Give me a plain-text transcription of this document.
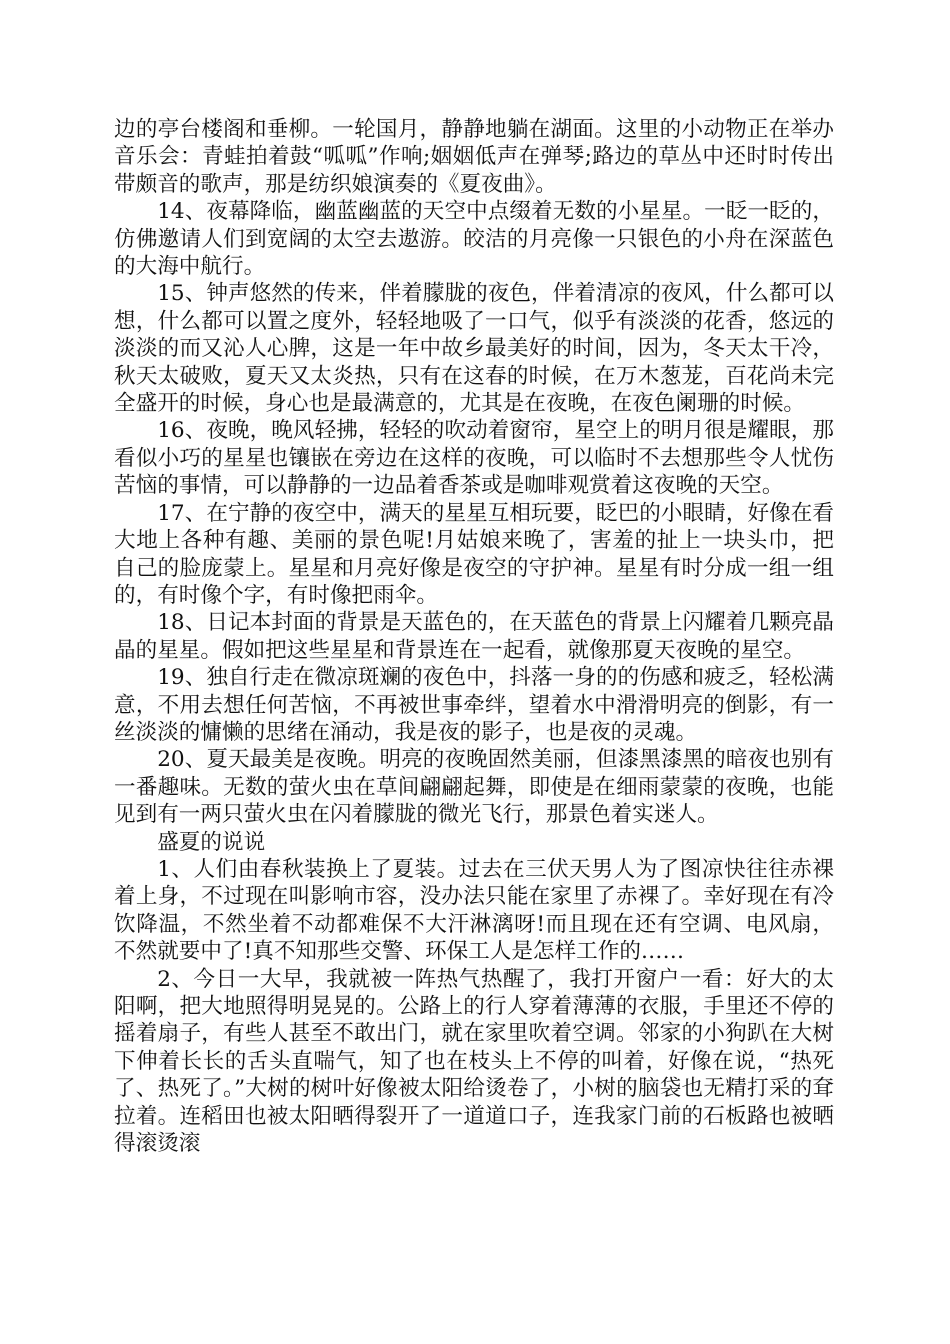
边的亭台楼阁和垂柳。一轮国月，静静地躺在湖面。这里的小动物正在举办音乐会：青蛙拍着鼓“呱呱”作响;姻姻低声在弹琴;路边的草丛中还时时传出带颇音的歌声，那是纺织娘演奏的《夏夜曲》。

14、夜幕降临，幽蓝幽蓝的天空中点缀着无数的小星星。一眨一眨的，仿佛邀请人们到宽阔的太空去遨游。皎洁的月亮像一只银色的小舟在深蓝色的大海中航行。

15、钟声悠然的传来，伴着朦胧的夜色，伴着清凉的夜风，什么都可以想，什么都可以置之度外，轻轻地吸了一口气，似乎有淡淡的花香，悠远的淡淡的而又沁人心脾，这是一年中故乡最美好的时间，因为，冬天太干冷，秋天太破败，夏天又太炎热，只有在这春的时候，在万木葱茏，百花尚未完全盛开的时候，身心也是最满意的，尤其是在夜晚，在夜色阑珊的时候。

16、夜晚，晚风轻拂，轻轻的吹动着窗帘，星空上的明月很是耀眼，那看似小巧的星星也镶嵌在旁边在这样的夜晚，可以临时不去想那些令人忧伤苦恼的事情，可以静静的一边品着香茶或是咖啡观赏着这夜晚的天空。

17、在宁静的夜空中，满天的星星互相玩要，眨巴的小眼睛，好像在看大地上各种有趣、美丽的景色呢!月姑娘来晚了，害羞的扯上一块头巾，把自己的脸庞蒙上。星星和月亮好像是夜空的守护神。星星有时分成一组一组的，有时像个字，有时像把雨伞。

18、日记本封面的背景是天蓝色的，在天蓝色的背景上闪耀着几颗亮晶晶的星星。假如把这些星星和背景连在一起看，就像那夏天夜晚的星空。

19、独自行走在微凉斑斓的夜色中，抖落一身的的伤感和疲乏，轻松满意，不用去想任何苦恼，不再被世事牵绊，望着水中滑滑明亮的倒影，有一丝淡淡的慵懒的思绪在涌动，我是夜的影子，也是夜的灵魂。

20、夏天最美是夜晚。明亮的夜晚固然美丽，但漆黑漆黑的暗夜也别有一番趣味。无数的萤火虫在草间翩翩起舞，即使是在细雨蒙蒙的夜晚，也能见到有一两只萤火虫在闪着朦胧的微光飞行，那景色着实迷人。

盛夏的说说

1、人们由春秋装换上了夏装。过去在三伏天男人为了图凉快往往赤裸着上身，不过现在叫影响市容，没办法只能在家里了赤裸了。幸好现在有冷饮降温，不然坐着不动都难保不大汗淋漓呀!而且现在还有空调、电风扇，不然就要中了!真不知那些交警、环保工人是怎样工作的……

2、今日一大早，我就被一阵热气热醒了，我打开窗户一看：好大的太阳啊，把大地照得明晃晃的。公路上的行人穿着薄薄的衣服，手里还不停的摇着扇子，有些人甚至不敢出门，就在家里吹着空调。邻家的小狗趴在大树下伸着长长的舌头直喘气，知了也在枝头上不停的叫着，好像在说，“热死了、热死了。”大树的树叶好像被太阳给烫卷了，小树的脑袋也无精打采的耷拉着。连稻田也被太阳晒得裂开了一道道口子，连我家门前的石板路也被晒得滚烫滚
